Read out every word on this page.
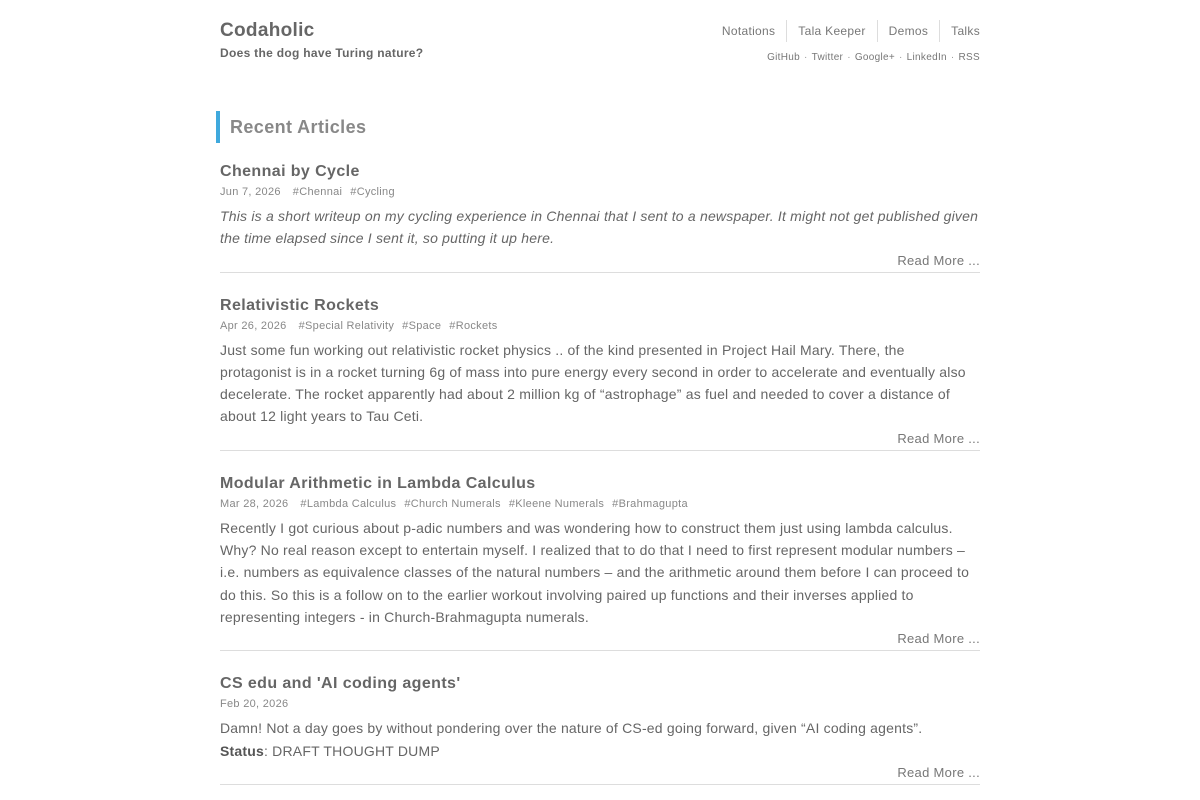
Codaholic
Does the dog have Turing nature?
Notations	Tala Keeper	Demos	Talks
GitHub · Twitter · Google+ · LinkedIn · RSS
Recent Articles
Chennai by Cycle
Jun 7, 2026 #Chennai #Cycling
This is a short writeup on my cycling experience in Chennai that I sent to a newspaper. It might not get published given the time elapsed since I sent it, so putting it up here.
Read More ...
Relativistic Rockets
Apr 26, 2026 #Special Relativity #Space #Rockets
Just some fun working out relativistic rocket physics .. of the kind presented in Project Hail Mary. There, the protagonist is in a rocket turning 6g of mass into pure energy every second in order to accelerate and eventually also decelerate. The rocket apparently had about 2 million kg of “astrophage” as fuel and needed to cover a distance of about 12 light years to Tau Ceti.
Read More ...
Modular Arithmetic in Lambda Calculus
Mar 28, 2026 #Lambda Calculus #Church Numerals #Kleene Numerals #Brahmagupta
Recently I got curious about p-adic numbers and was wondering how to construct them just using lambda calculus. Why? No real reason except to entertain myself. I realized that to do that I need to first represent modular numbers – i.e. numbers as equivalence classes of the natural numbers – and the arithmetic around them before I can proceed to do this. So this is a follow on to the earlier workout involving paired up functions and their inverses applied to representing integers - in Church-Brahmagupta numerals.
Read More ...
CS edu and 'AI coding agents'
Feb 20, 2026
Damn! Not a day goes by without pondering over the nature of CS-ed going forward, given “AI coding agents”.
Status: DRAFT THOUGHT DUMP
Read More ...
